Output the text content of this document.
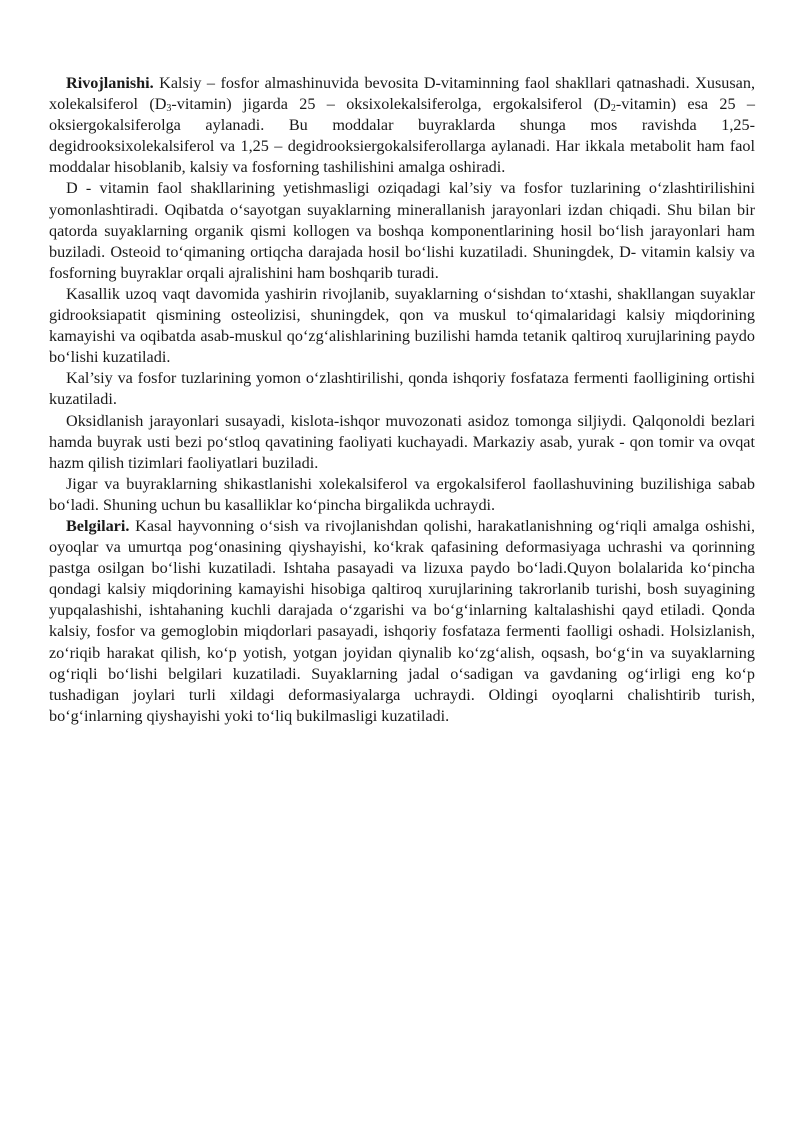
Rivojlanishi. Kalsiy – fosfor almashinuvida bevosita D-vitaminning faol shakllari qatnashadi. Xususan, xolekalsiferol $(D_3-vitamin)$ jigarda 25 – oksixolekalsiferolga, ergokalsiferol $(D_2-vitamin)$ esa 25 – oksiergokalsiferolga aylanadi. Bu moddalar buyraklarda shunga mos ravishda 1,25-degidrooksixolekalsiferol va 1,25 – degidrooksiergokalsiferollarga aylanadi. Har ikkala metabolit ham faol moddalar hisoblanib, kalsiy va fosforning tashilishini amalga oshiradi.

D - vitamin faol shakllarining yetishmasligi oziqadagi kal’siy va fosfor tuzlarining o‘zlashtirilishini yomonlashtiradi. Oqibatda o‘sayotgan suyaklarning minerallanish jarayonlari izdan chiqadi. Shu bilan bir qatorda suyaklarning organik qismi kollogen va boshqa komponentlarining hosil bo‘lish jarayonlari ham buziladi. Osteoid to‘qimaning ortiqcha darajada hosil bo‘lishi kuzatiladi. Shuningdek, D- vitamin kalsiy va fosforning buyraklar orqali ajralishini ham boshqarib turadi.

Kasallik uzoq vaqt davomida yashirin rivojlanib, suyaklarning o‘sishdan to‘xtashi, shakllangan suyaklar gidrooksiapatit qismining osteolizisi, shuningdek, qon va muskul to‘qimalaridagi kalsiy miqdorining kamayishi va oqibatda asab-muskul qo‘zg‘alishlarining buzilishi hamda tetanik qaltiroq xurujlarining paydo bo‘lishi kuzatiladi.

Kal’siy va fosfor tuzlarining yomon o‘zlashtirilishi, qonda ishqoriy fosfataza fermenti faolligining ortishi kuzatiladi.

Oksidlanish jarayonlari susayadi, kislota-ishqor muvozonati asidoz tomonga siljiydi. Qalqonoldi bezlari hamda buyrak usti bezi po‘stloq qavatining faoliyati kuchayadi. Markaziy asab, yurak - qon tomir va ovqat hazm qilish tizimlari faoliyatlari buziladi.

Jigar va buyraklarning shikastlanishi xolekalsiferol va ergokalsiferol faollashuvining buzilishiga sabab bo‘ladi. Shuning uchun bu kasalliklar ko‘pincha birgalikda uchraydi.

Belgilari. Kasal hayvonning o‘sish va rivojlanishdan qolishi, harakatlanishning og‘riqli amalga oshishi, oyoqlar va umurtqa pog‘onasining qiyshayishi, ko‘krak qafasining deformasiyaga uchrashi va qorinning pastga osilgan bo‘lishi kuzatiladi. Ishtaha pasayadi va lizuxa paydo bo‘ladi.Quyon bolalarida ko‘pincha qondagi kalsiy miqdorining kamayishi hisobiga qaltiroq xurujlarining takrorlanib turishi, bosh suyagining yupqalashishi, ishtahaning kuchli darajada o‘zgarishi va bo‘g‘inlarning kaltalashishi qayd etiladi. Qonda kalsiy, fosfor va gemoglobin miqdorlari pasayadi, ishqoriy fosfataza fermenti faolligi oshadi. Holsizlanish, zo‘riqib harakat qilish, ko‘p yotish, yotgan joyidan qiynalib ko‘zg‘alish, oqsash, bo‘g‘in va suyaklarning og‘riqli bo‘lishi belgilari kuzatiladi. Suyaklarning jadal o‘sadigan va gavdaning og‘irligi eng ko‘p tushadigan joylari turli xildagi deformasiyalarga uchraydi. Oldingi oyoqlarni chalishtirib turish, bo‘g‘inlarning qiyshayishi yoki to‘liq bukilmasligi kuzatiladi.
